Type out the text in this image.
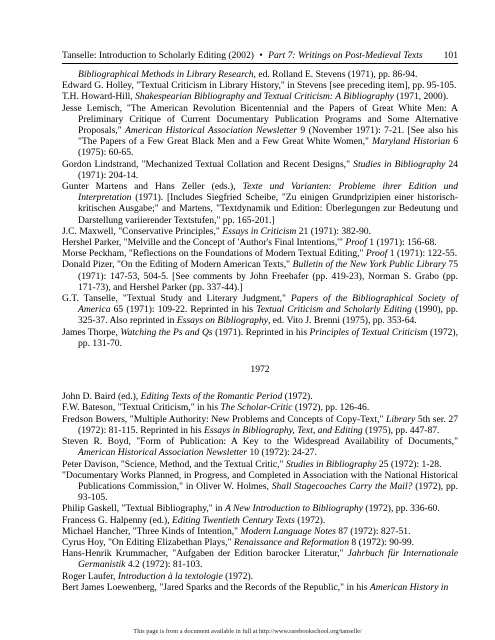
Tanselle: Introduction to Scholarly Editing (2002) • Part 7: Writings on Post-Medieval Texts 101

Bibliographical Methods in Library Research, ed. Rolland E. Stevens (1971), pp. 86-94.

Edward G. Holley, "Textual Criticism in Library History," in Stevens [see preceding item], pp. 95-105.

T.H. Howard-Hill, Shakespearian Bibliography and Textual Criticism: A Bibliography (1971, 2000).

Jesse Lemisch, "The American Revolution Bicentennial and the Papers of Great White Men: A Preliminary Critique of Current Documentary Publication Programs and Some Alternative Proposals," American Historical Association Newsletter 9 (November 1971): 7-21. [See also his "The Papers of a Few Great Black Men and a Few Great White Women," Maryland Historian 6 (1975): 60-65.

Gordon Lindstrand, "Mechanized Textual Collation and Recent Designs," Studies in Bibliography 24 (1971): 204-14.

Gunter Martens and Hans Zeller (eds.), Texte und Varianten: Probleme ihrer Edition und Interpretation (1971). [Includes Siegfried Scheibe, "Zu einigen Grundprizipien einer historisch-kritischen Ausgabe;" and Martens, "Textdynamik und Edition: Überlegungen zur Bedeutung und Darstellung variierender Textstufen," pp. 165-201.]

J.C. Maxwell, "Conservative Principles," Essays in Criticism 21 (1971): 382-90.

Hershel Parker, "Melville and the Concept of 'Author's Final Intentions,'" Proof 1 (1971): 156-68.

Morse Peckham, "Reflections on the Foundations of Modern Textual Editing," Proof 1 (1971): 122-55.

Donald Pizer, "On the Editing of Modern American Texts," Bulletin of the New York Public Library 75 (1971): 147-53, 504-5. [See comments by John Freehafer (pp. 419-23), Norman S. Grabo (pp. 171-73), and Hershel Parker (pp. 337-44).]

G.T. Tanselle, "Textual Study and Literary Judgment," Papers of the Bibliographical Society of America 65 (1971): 109-22. Reprinted in his Textual Criticism and Scholarly Editing (1990), pp. 325-37. Also reprinted in Essays on Bibliography, ed. Vito J. Brenni (1975), pp. 353-64.

James Thorpe, Watching the Ps and Qs (1971). Reprinted in his Principles of Textual Criticism (1972), pp. 131-70.

1972

John D. Baird (ed.), Editing Texts of the Romantic Period (1972).

F.W. Bateson, "Textual Criticism," in his The Scholar-Critic (1972), pp. 126-46.

Fredson Bowers, "Multiple Authority: New Problems and Concepts of Copy-Text," Library 5th ser. 27 (1972): 81-115. Reprinted in his Essays in Bibliography, Text, and Editing (1975), pp. 447-87.

Steven R. Boyd, "Form of Publication: A Key to the Widespread Availability of Documents," American Historical Association Newsletter 10 (1972): 24-27.

Peter Davison, "Science, Method, and the Textual Critic," Studies in Bibliography 25 (1972): 1-28.

"Documentary Works Planned, in Progress, and Completed in Association with the National Historical Publications Commission," in Oliver W. Holmes, Shall Stagecoaches Carry the Mail? (1972), pp. 93-105.

Philip Gaskell, "Textual Bibliography," in A New Introduction to Bibliography (1972), pp. 336-60.

Francess G. Halpenny (ed.), Editing Twentieth Century Texts (1972).

Michael Hancher, "Three Kinds of Intention," Modern Language Notes 87 (1972): 827-51.

Cyrus Hoy, "On Editing Elizabethan Plays," Renaissance and Reformation 8 (1972): 90-99.

Hans-Henrik Krummacher, "Aufgaben der Edition barocker Literatur," Jahrbuch für Internationale Germanistik 4.2 (1972): 81-103.

Roger Laufer, Introduction à la textologie (1972).

Bert James Loewenberg, "Jared Sparks and the Records of the Republic," in his American History in

This page is from a document available in full at http://www.rarebookschool.org/tanselle/
